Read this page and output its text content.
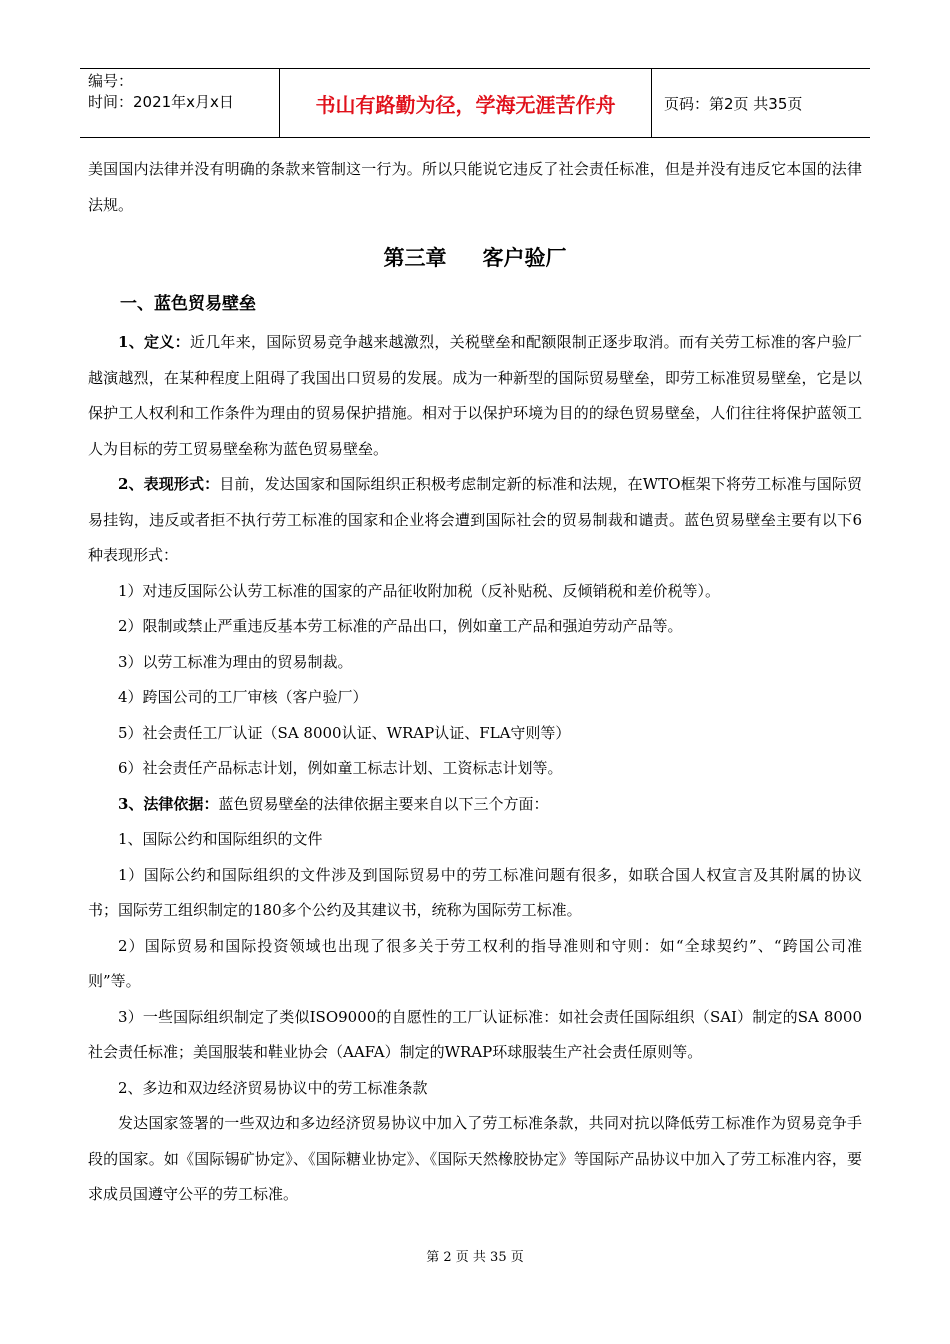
编号：
时间：2021年x月x日	书山有路勤为径，学海无涯苦作舟	页码：第2页 共35页

美国国内法律并没有明确的条款来管制这一行为。所以只能说它违反了社会责任标准，但是并没有违反它本国的法律法规。

第三章 客户验厂

一、蓝色贸易壁垒

1、定义：近几年来，国际贸易竞争越来越激烈，关税壁垒和配额限制正逐步取消。而有关劳工标准的客户验厂越演越烈，在某种程度上阻碍了我国出口贸易的发展。成为一种新型的国际贸易壁垒，即劳工标准贸易壁垒，它是以保护工人权利和工作条件为理由的贸易保护措施。相对于以保护环境为目的的绿色贸易壁垒，人们往往将保护蓝领工人为目标的劳工贸易壁垒称为蓝色贸易壁垒。

2、表现形式：目前，发达国家和国际组织正积极考虑制定新的标准和法规，在WTO框架下将劳工标准与国际贸易挂钩，违反或者拒不执行劳工标准的国家和企业将会遭到国际社会的贸易制裁和谴责。蓝色贸易壁垒主要有以下6种表现形式：

1）对违反国际公认劳工标准的国家的产品征收附加税（反补贴税、反倾销税和差价税等）。

2）限制或禁止严重违反基本劳工标准的产品出口，例如童工产品和强迫劳动产品等。

3）以劳工标准为理由的贸易制裁。

4）跨国公司的工厂审核（客户验厂）

5）社会责任工厂认证（SA 8000认证、WRAP认证、FLA守则等）

6）社会责任产品标志计划，例如童工标志计划、工资标志计划等。

3、法律依据：蓝色贸易壁垒的法律依据主要来自以下三个方面：

1、国际公约和国际组织的文件

1）国际公约和国际组织的文件涉及到国际贸易中的劳工标准问题有很多，如联合国人权宣言及其附属的协议书；国际劳工组织制定的180多个公约及其建议书，统称为国际劳工标准。

2）国际贸易和国际投资领域也出现了很多关于劳工权利的指导准则和守则：如“全球契约”、“跨国公司准则”等。

3）一些国际组织制定了类似ISO9000的自愿性的工厂认证标准：如社会责任国际组织（SAI）制定的SA 8000社会责任标准；美国服装和鞋业协会（AAFA）制定的WRAP环球服装生产社会责任原则等。

2、多边和双边经济贸易协议中的劳工标准条款

发达国家签署的一些双边和多边经济贸易协议中加入了劳工标准条款，共同对抗以降低劳工标准作为贸易竞争手段的国家。如《国际锡矿协定》、《国际糖业协定》、《国际天然橡胶协定》等国际产品协议中加入了劳工标准内容，要求成员国遵守公平的劳工标准。

第 2 页 共 35 页
